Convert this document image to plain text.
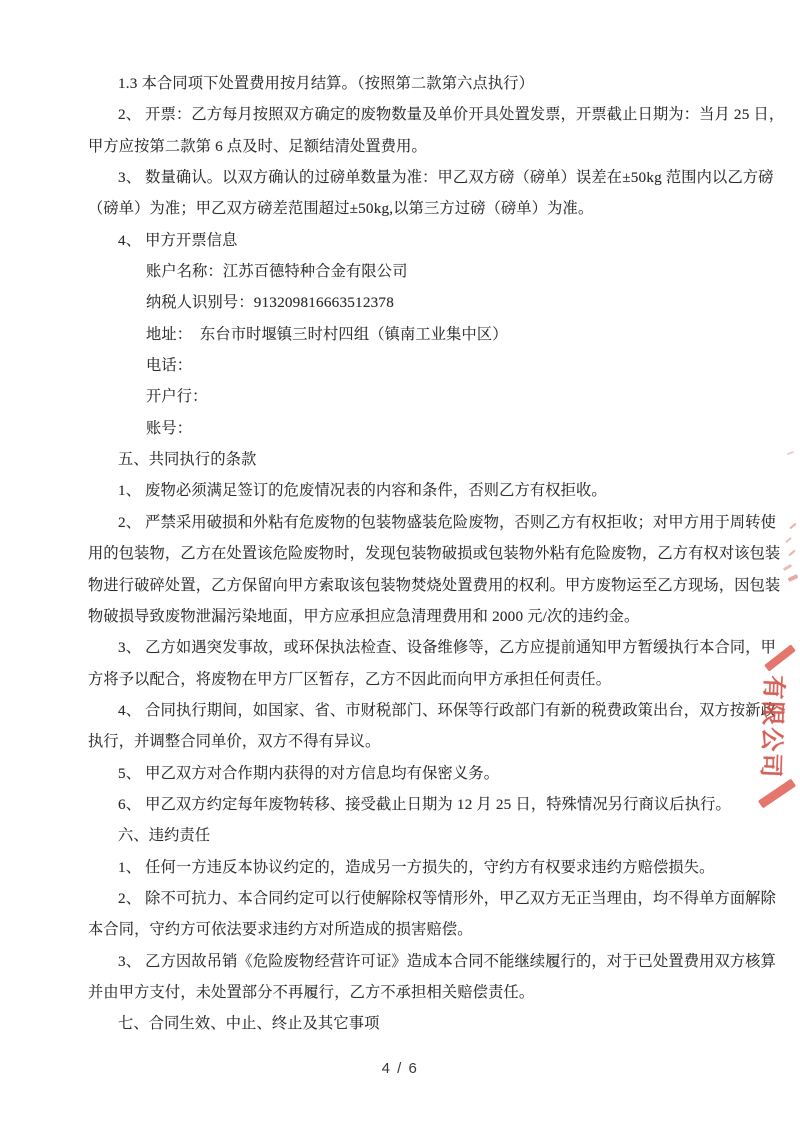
1.3 本合同项下处置费用按月结算。（按照第二款第六点执行）
2、 开票：乙方每月按照双方确定的废物数量及单价开具处置发票，开票截止日期为：当月 25 日，
甲方应按第二款第 6 点及时、足额结清处置费用。
3、 数量确认。以双方确认的过磅单数量为准：甲乙双方磅（磅单）误差在±50kg 范围内以乙方磅
（磅单）为准；甲乙双方磅差范围超过±50kg,以第三方过磅（磅单）为准。
4、 甲方开票信息
账户名称：江苏百德特种合金有限公司
纳税人识别号：913209816663512378
地址：　东台市时堰镇三时村四组（镇南工业集中区）
电话：
开户行：
账号：
五、共同执行的条款
1、 废物必须满足签订的危废情况表的内容和条件，否则乙方有权拒收。
2、 严禁采用破损和外粘有危废物的包装物盛装危险废物，否则乙方有权拒收；对甲方用于周转使
用的包装物，乙方在处置该危险废物时，发现包装物破损或包装物外粘有危险废物，乙方有权对该包装
物进行破碎处置，乙方保留向甲方索取该包装物焚烧处置费用的权利。甲方废物运至乙方现场，因包装
物破损导致废物泄漏污染地面，甲方应承担应急清理费用和 2000 元/次的违约金。
3、 乙方如遇突发事故，或环保执法检查、设备维修等，乙方应提前通知甲方暂缓执行本合同，甲
方将予以配合，将废物在甲方厂区暂存，乙方不因此而向甲方承担任何责任。
4、 合同执行期间，如国家、省、市财税部门、环保等行政部门有新的税费政策出台，双方按新政
执行，并调整合同单价，双方不得有异议。
5、 甲乙双方对合作期内获得的对方信息均有保密义务。
6、 甲乙双方约定每年废物转移、接受截止日期为 12 月 25 日，特殊情况另行商议后执行。
六、违约责任
1、 任何一方违反本协议约定的，造成另一方损失的，守约方有权要求违约方赔偿损失。
2、 除不可抗力、本合同约定可以行使解除权等情形外，甲乙双方无正当理由，均不得单方面解除
本合同，守约方可依法要求违约方对所造成的损害赔偿。
3、 乙方因故吊销《危险废物经营许可证》造成本合同不能继续履行的，对于已处置费用双方核算
并由甲方支付，未处置部分不再履行，乙方不承担相关赔偿责任。
七、合同生效、中止、终止及其它事项
4 / 6
有限公司
